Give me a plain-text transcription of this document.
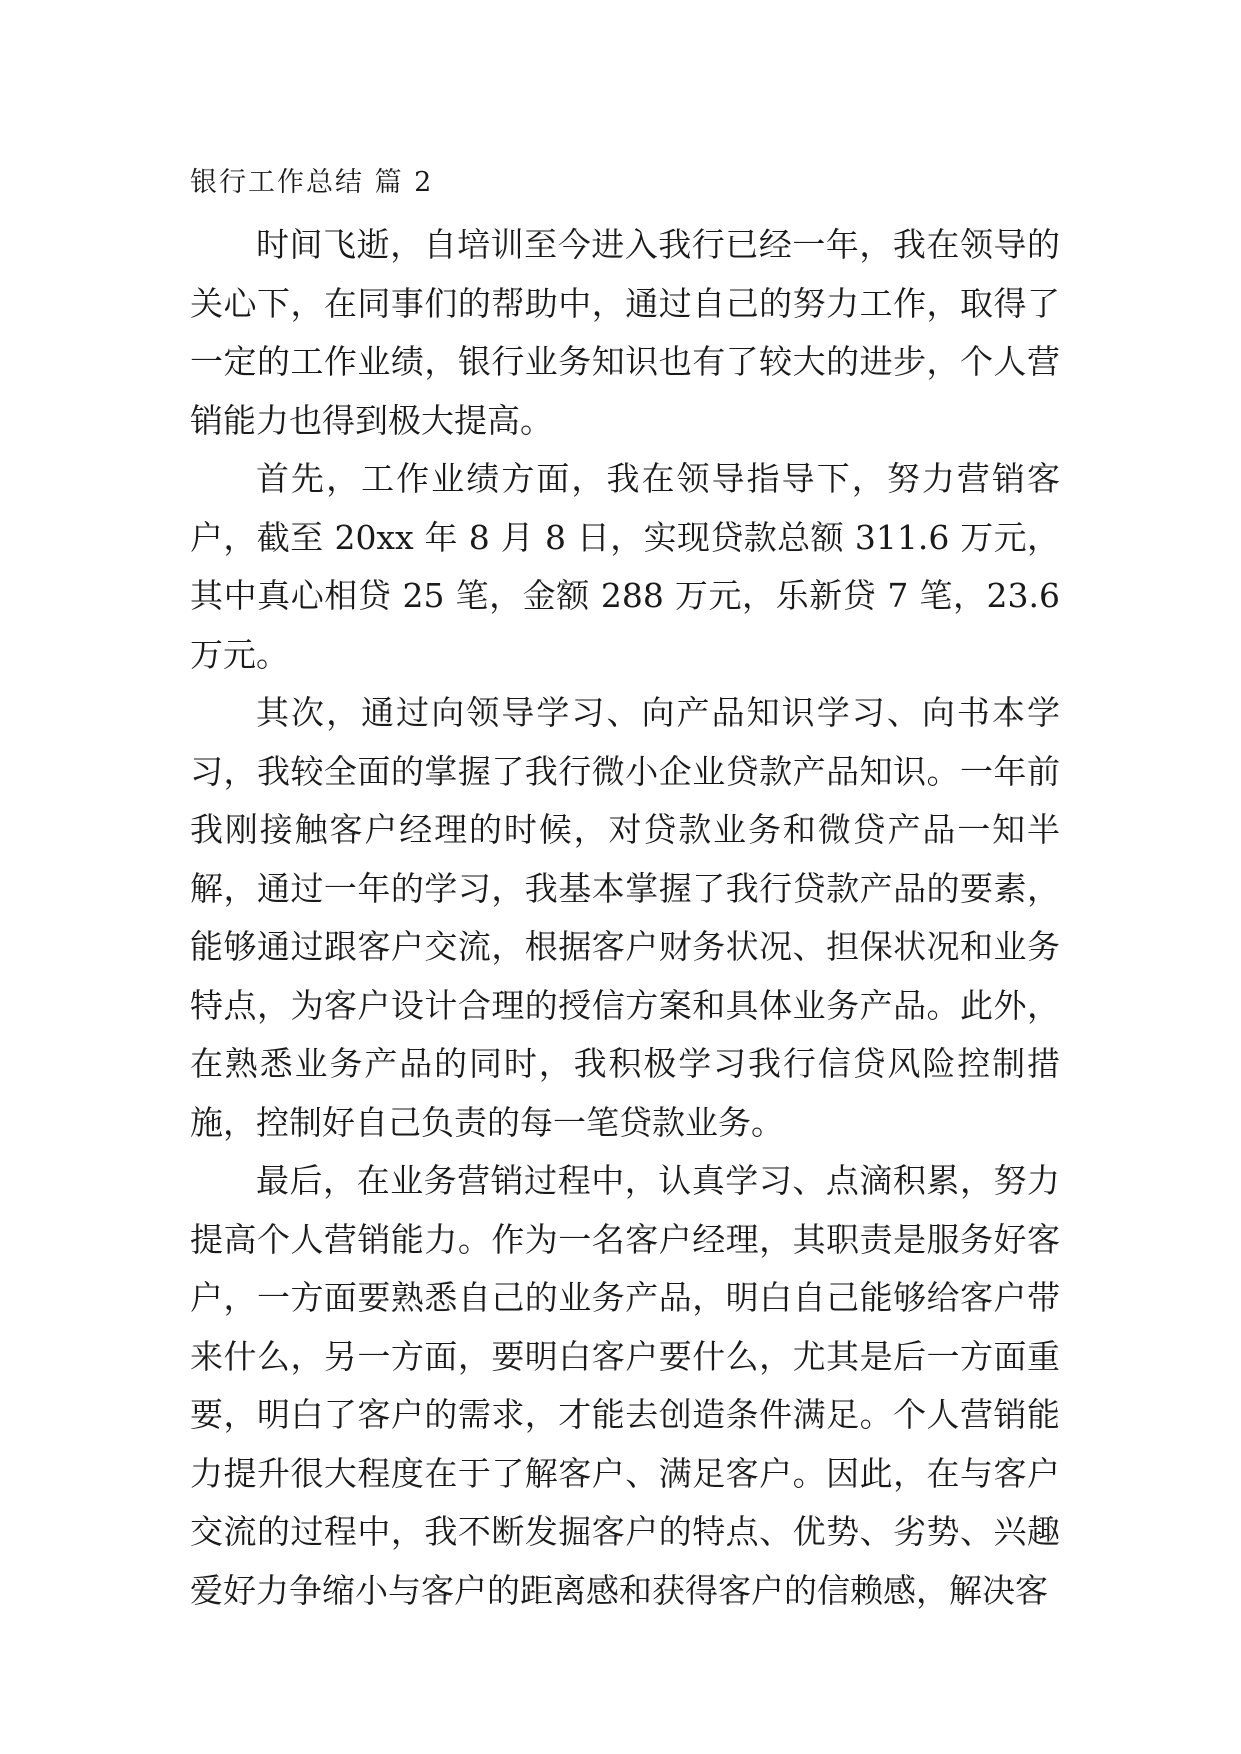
银行工作总结 篇 2

时间飞逝，自培训至今进入我行已经一年，我在领导的关心下，在同事们的帮助中，通过自己的努力工作，取得了一定的工作业绩，银行业务知识也有了较大的进步，个人营销能力也得到极大提高。

首先，工作业绩方面，我在领导指导下，努力营销客户，截至 20xx 年 8 月 8 日，实现贷款总额 311.6 万元，其中真心相贷 25 笔，金额 288 万元，乐新贷 7 笔，23.6 万元。

其次，通过向领导学习、向产品知识学习、向书本学习，我较全面的掌握了我行微小企业贷款产品知识。一年前我刚接触客户经理的时候，对贷款业务和微贷产品一知半解，通过一年的学习，我基本掌握了我行贷款产品的要素，能够通过跟客户交流，根据客户财务状况、担保状况和业务特点，为客户设计合理的授信方案和具体业务产品。此外，在熟悉业务产品的同时，我积极学习我行信贷风险控制措施，控制好自己负责的每一笔贷款业务。

最后，在业务营销过程中，认真学习、点滴积累，努力提高个人营销能力。作为一名客户经理，其职责是服务好客户，一方面要熟悉自己的业务产品，明白自己能够给客户带来什么，另一方面，要明白客户要什么，尤其是后一方面重要，明白了客户的需求，才能去创造条件满足。个人营销能力提升很大程度在于了解客户、满足客户。因此，在与客户交流的过程中，我不断发掘客户的特点、优势、劣势、兴趣爱好力争缩小与客户的距离感和获得客户的信赖感，解决客
